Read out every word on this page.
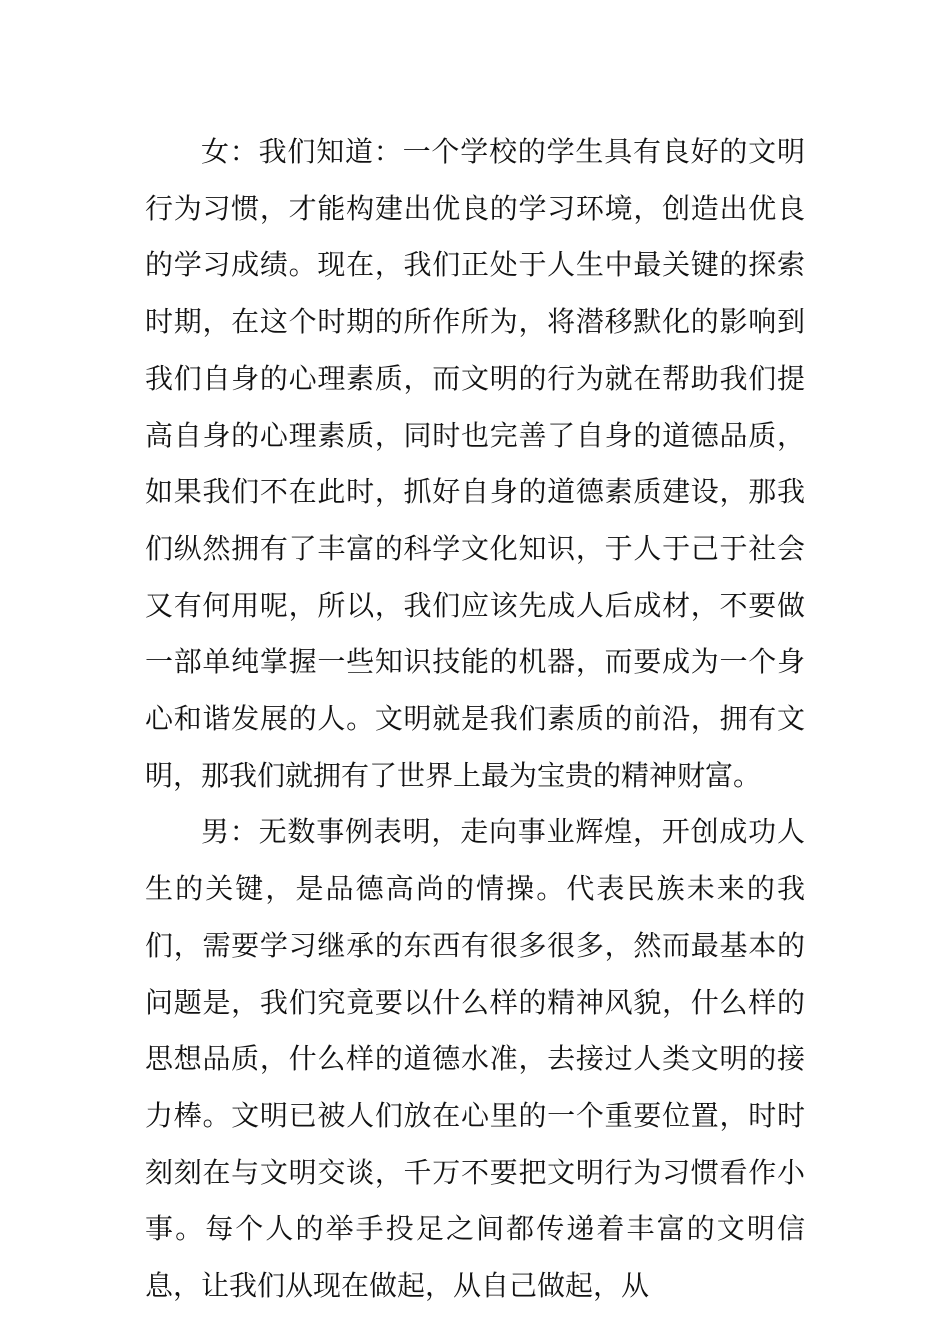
女：我们知道：一个学校的学生具有良好的文明行为习惯，才能构建出优良的学习环境，创造出优良的学习成绩。现在，我们正处于人生中最关键的探索时期，在这个时期的所作所为，将潜移默化的影响到我们自身的心理素质，而文明的行为就在帮助我们提高自身的心理素质，同时也完善了自身的道德品质，如果我们不在此时，抓好自身的道德素质建设，那我们纵然拥有了丰富的科学文化知识，于人于己于社会又有何用呢，所以，我们应该先成人后成材，不要做一部单纯掌握一些知识技能的机器，而要成为一个身心和谐发展的人。文明就是我们素质的前沿，拥有文明，那我们就拥有了世界上最为宝贵的精神财富。

男：无数事例表明，走向事业辉煌，开创成功人生的关键，是品德高尚的情操。代表民族未来的我们，需要学习继承的东西有很多很多，然而最基本的问题是，我们究竟要以什么样的精神风貌，什么样的思想品质，什么样的道德水准，去接过人类文明的接力棒。文明已被人们放在心里的一个重要位置，时时刻刻在与文明交谈，千万不要把文明行为习惯看作小事。每个人的举手投足之间都传递着丰富的文明信息，让我们从现在做起，从自己做起，从
